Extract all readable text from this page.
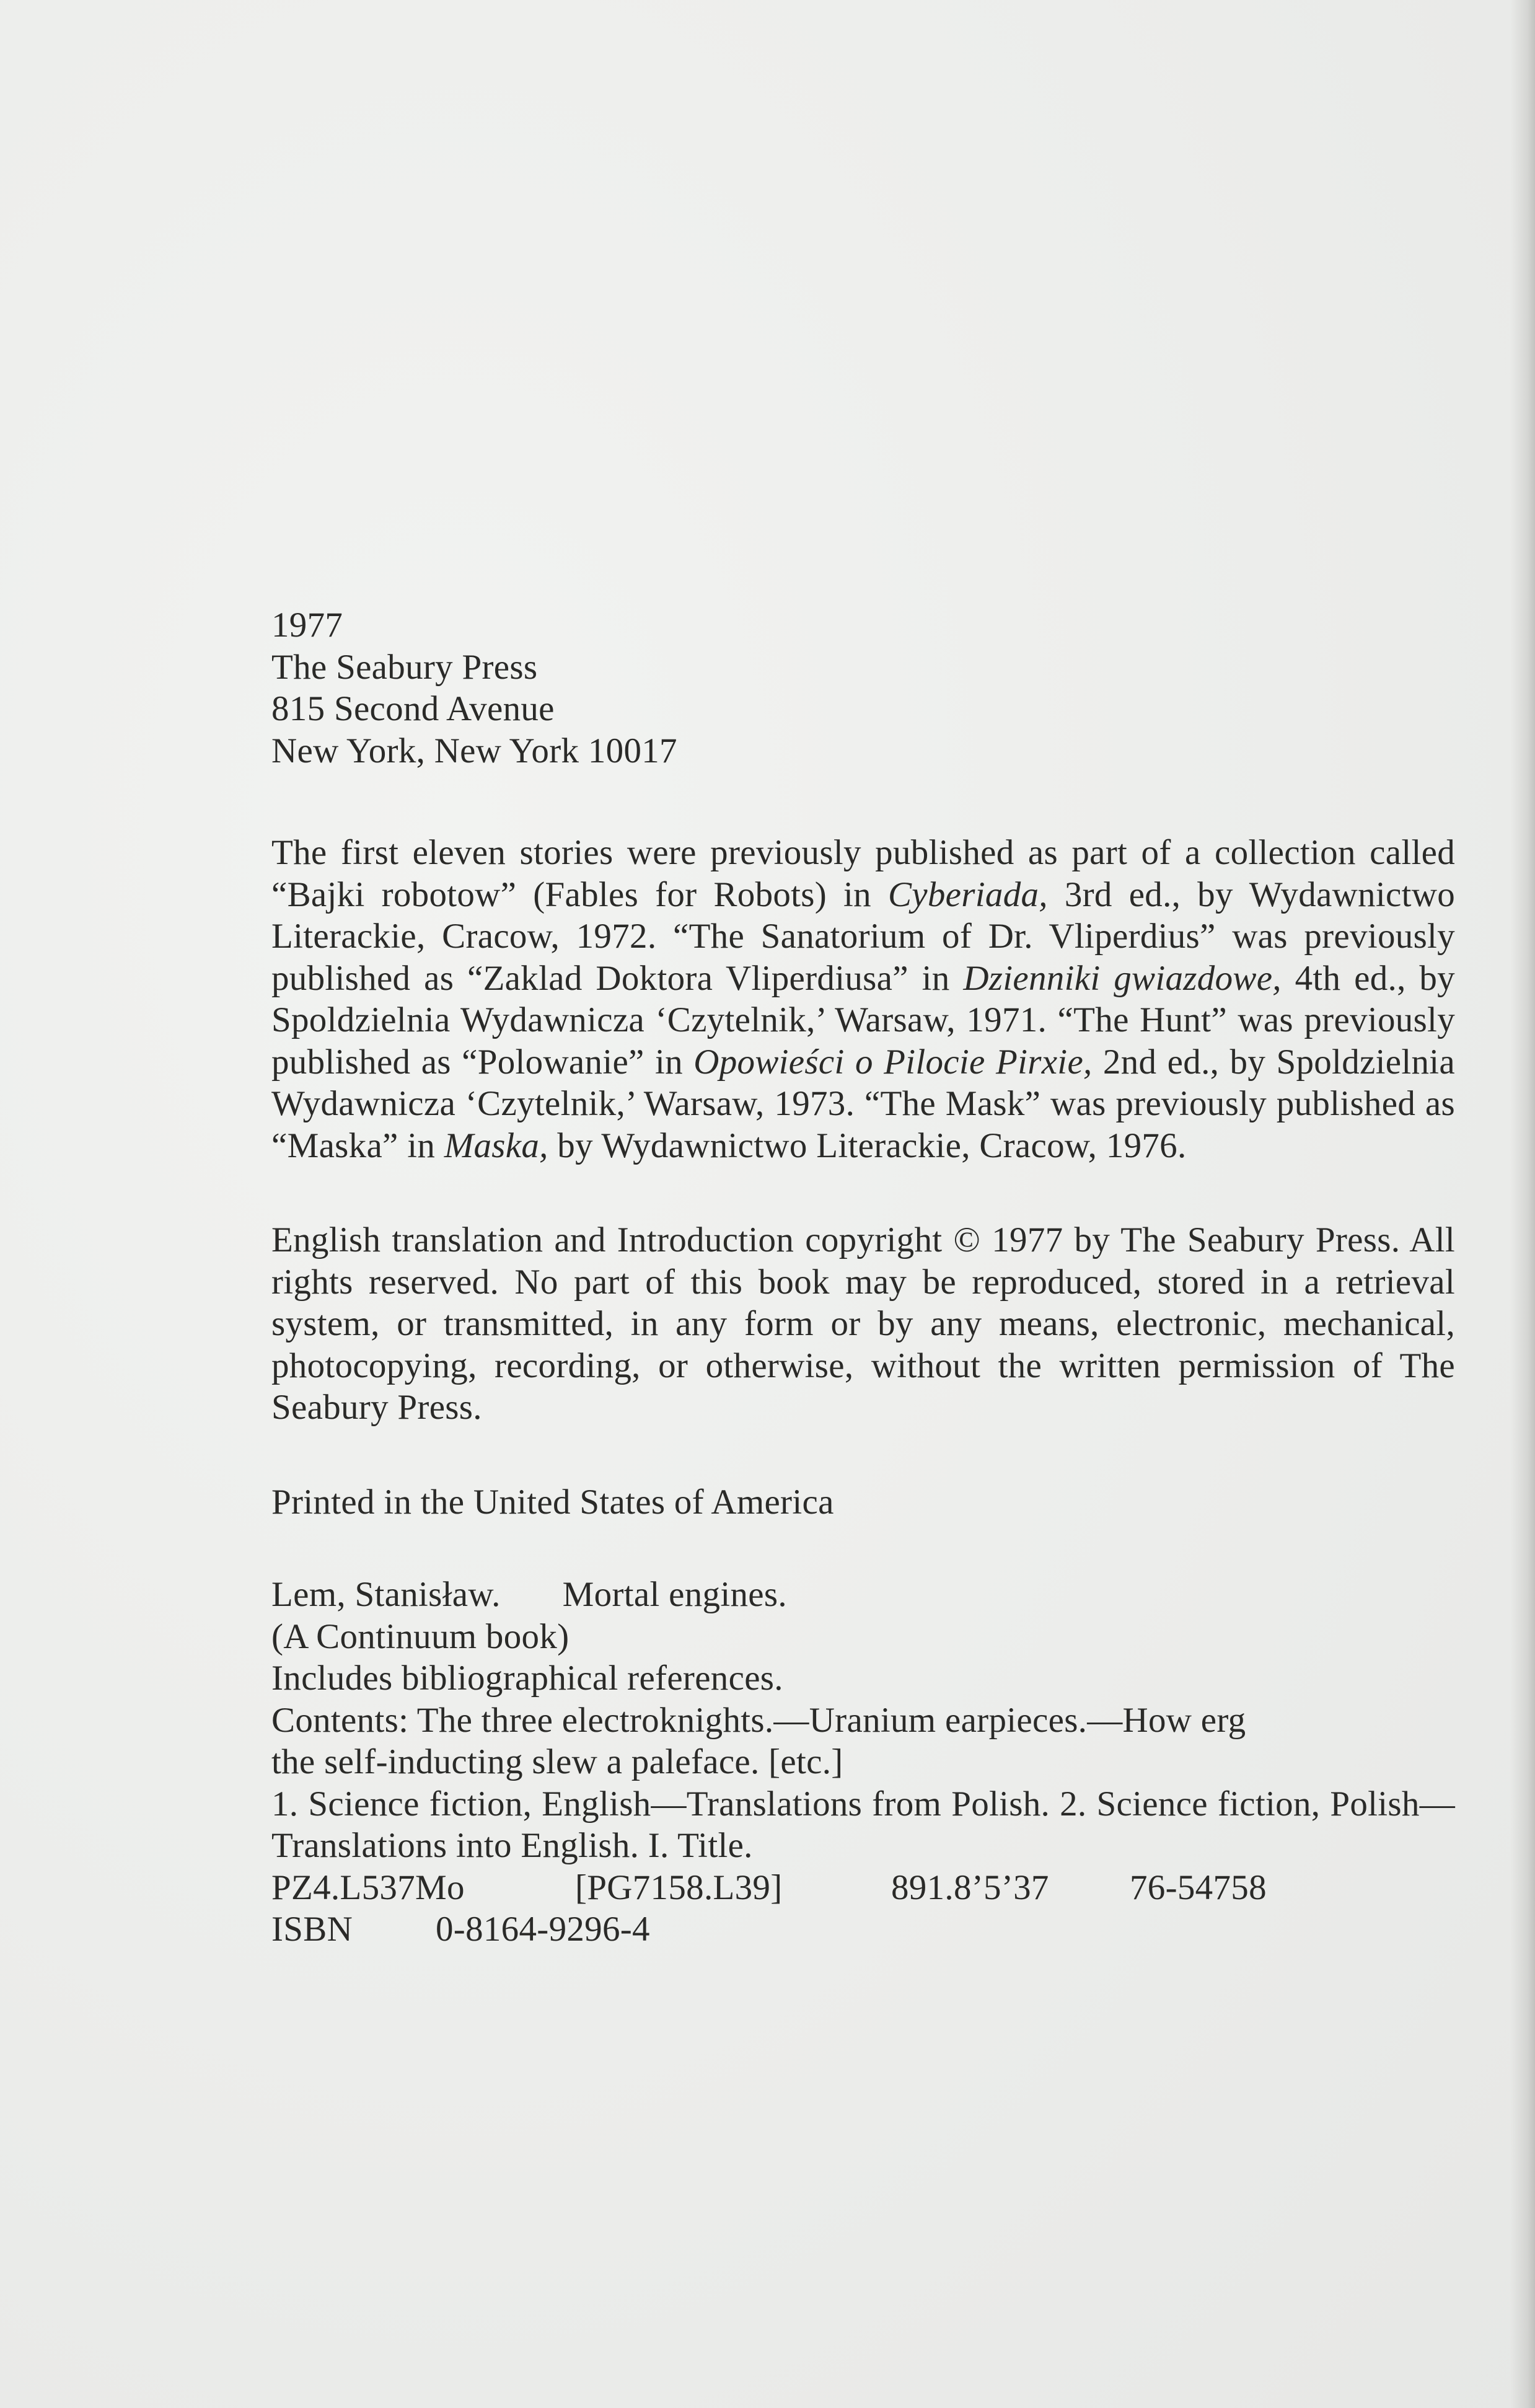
1977
The Seabury Press
815 Second Avenue
New York, New York 10017

The first eleven stories were previously published as part of a collection called “Bajki robotow” (Fables for Robots) in Cyberiada, 3rd ed., by Wydawnictwo Literackie, Cracow, 1972. “The Sanatorium of Dr. Vliperdius” was previously published as “Zaklad Doktora Vliperdiusa” in Dzienniki gwiazdowe, 4th ed., by Spoldzielnia Wydawnicza ‘Czytelnik,’ Warsaw, 1971. “The Hunt” was previously published as “Polowanie” in Opowieści o Pilocie Pirxie, 2nd ed., by Spoldzielnia Wydawnicza ‘Czytelnik,’ Warsaw, 1973. “The Mask” was previously published as “Maska” in Maska, by Wydawnictwo Literackie, Cracow, 1976.

English translation and Introduction copyright © 1977 by The Seabury Press. All rights reserved. No part of this book may be reproduced, stored in a retrieval system, or transmitted, in any form or by any means, electronic, mechanical, photocopying, recording, or otherwise, without the written permission of The Seabury Press.

Printed in the United States of America

Lem, Stanisław. Mortal engines.
(A Continuum book)
Includes bibliographical references.
Contents: The three electroknights.—Uranium earpieces.—How erg
the self-inducting slew a paleface. [etc.]
1. Science fiction, English—Translations from Polish. 2. Science fiction, Polish—Translations into English. I. Title.
PZ4.L537Mo	[PG7158.L39]	891.8’5’37 76-54758
ISBN 0-8164-9296-4
